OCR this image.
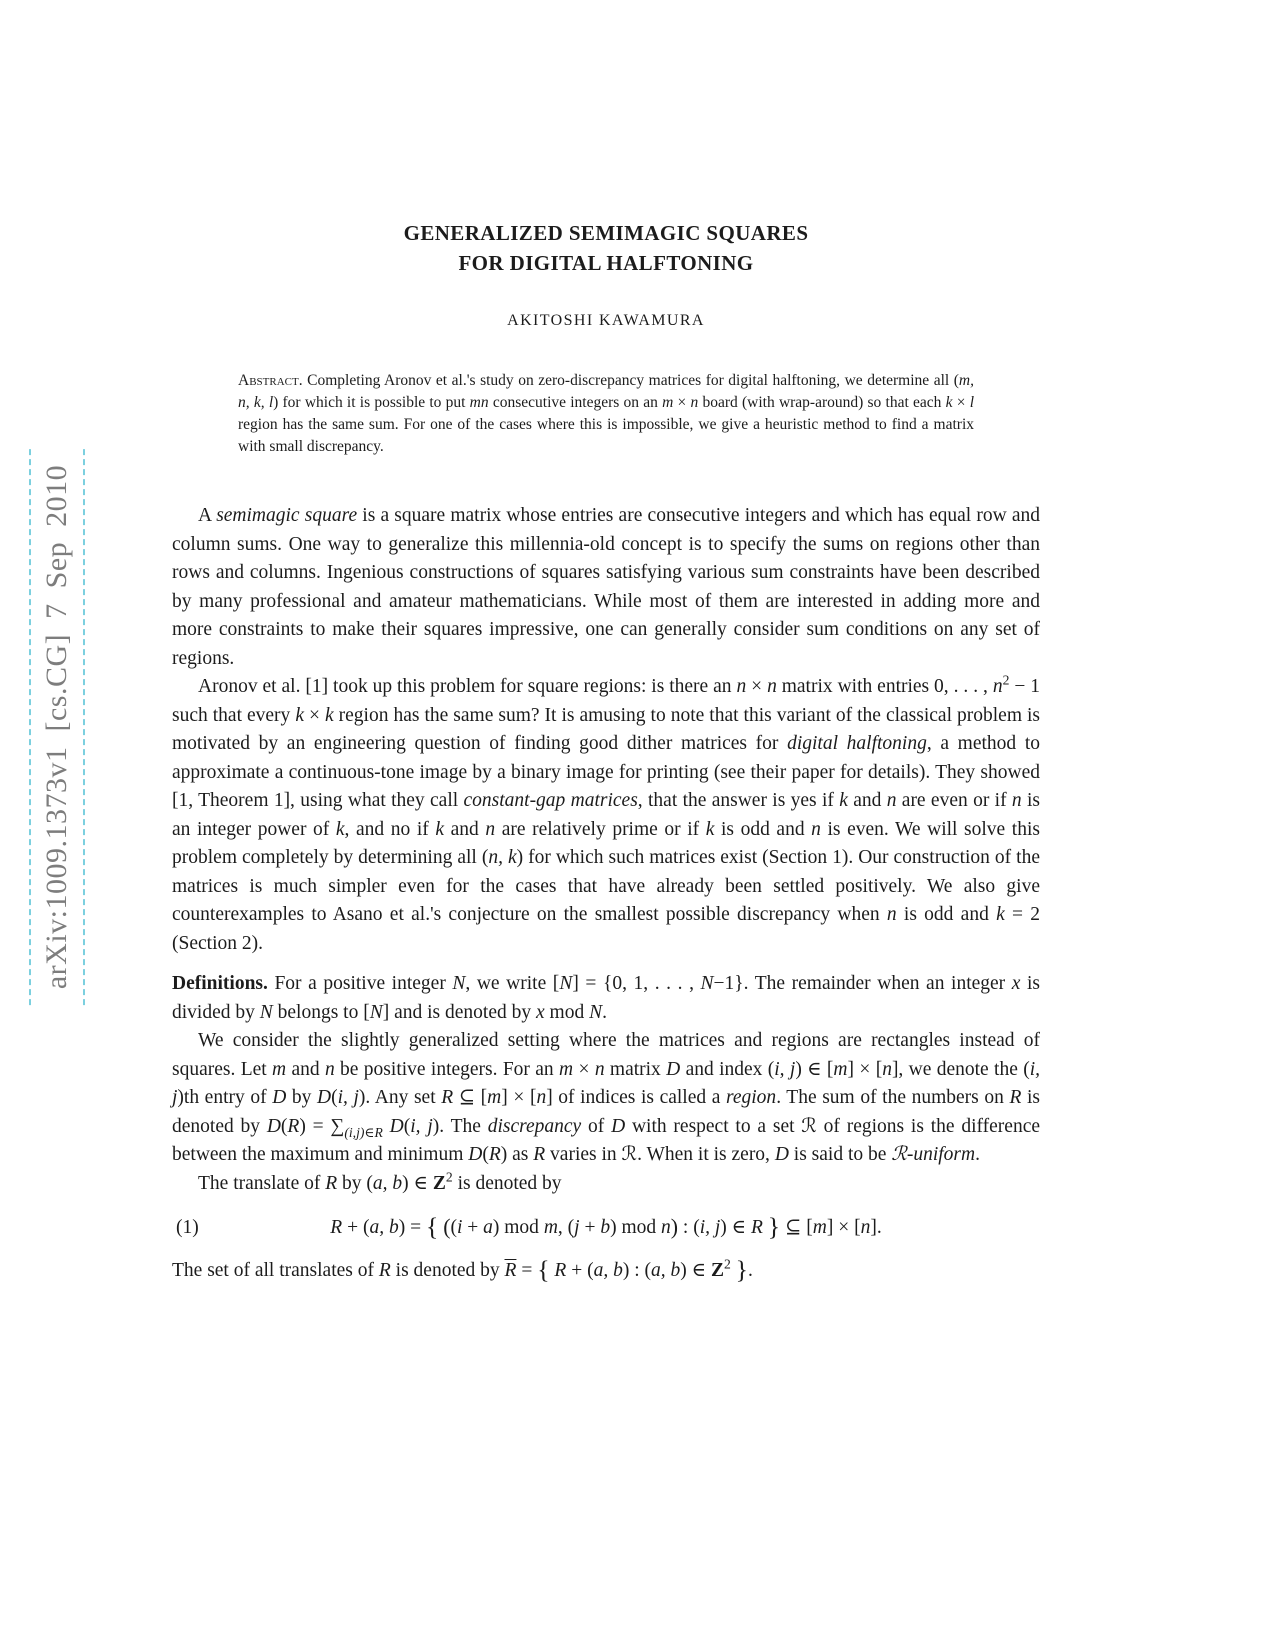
arXiv:1009.1373v1 [cs.CG] 7 Sep 2010
GENERALIZED SEMIMAGIC SQUARES
FOR DIGITAL HALFTONING
AKITOSHI KAWAMURA
Abstract. Completing Aronov et al.'s study on zero-discrepancy matrices for digital halftoning, we determine all (m, n, k, l) for which it is possible to put mn consecutive integers on an m × n board (with wrap-around) so that each k × l region has the same sum. For one of the cases where this is impossible, we give a heuristic method to find a matrix with small discrepancy.

A semimagic square is a square matrix whose entries are consecutive integers and which has equal row and column sums. One way to generalize this millennia-old concept is to specify the sums on regions other than rows and columns. Ingenious constructions of squares satisfying various sum constraints have been described by many professional and amateur mathematicians. While most of them are interested in adding more and more constraints to make their squares impressive, one can generally consider sum conditions on any set of regions.

Aronov et al. [1] took up this problem for square regions: is there an n × n matrix with entries 0, . . . , $n^2 - 1$ such that every k × k region has the same sum? It is amusing to note that this variant of the classical problem is motivated by an engineering question of finding good dither matrices for digital halftoning, a method to approximate a continuous-tone image by a binary image for printing (see their paper for details). They showed [1, Theorem 1], using what they call constant-gap matrices, that the answer is yes if k and n are even or if n is an integer power of k, and no if k and n are relatively prime or if k is odd and n is even. We will solve this problem completely by determining all (n, k) for which such matrices exist (Section 1). Our construction of the matrices is much simpler even for the cases that have already been settled positively. We also give counterexamples to Asano et al.'s conjecture on the smallest possible discrepancy when n is odd and k = 2 (Section 2).

Definitions. For a positive integer N, we write [N] = {0, 1, . . . , N−1}. The remainder when an integer x is divided by N belongs to [N] and is denoted by x mod N.

We consider the slightly generalized setting where the matrices and regions are rectangles instead of squares. Let m and n be positive integers. For an m × n matrix D and index (i, j) ∈ [m] × [n], we denote the (i, j)th entry of D by D(i, j). Any set R ⊆ [m] × [n] of indices is called a region. The sum of the numbers on R is denoted by $D(R) = \sum_{(i,j)\in R}$ D(i, j). The discrepancy of D with respect to a set ℛ of regions is the difference between the maximum and minimum D(R) as R varies in ℛ. When it is zero, D is said to be ℛ-uniform.

The translate of R by (a, b) ∈ $Z^2$ is denoted by

(1)	R + (a, b) = { ((i + a) mod m, (j + b) mod n) : (i, j) ∈ R } ⊆ [m] × [n].

The set of all translates of R is denoted by $\overline{R}$ = { R + (a, b) : (a, b) ∈ $Z^2$ }.
